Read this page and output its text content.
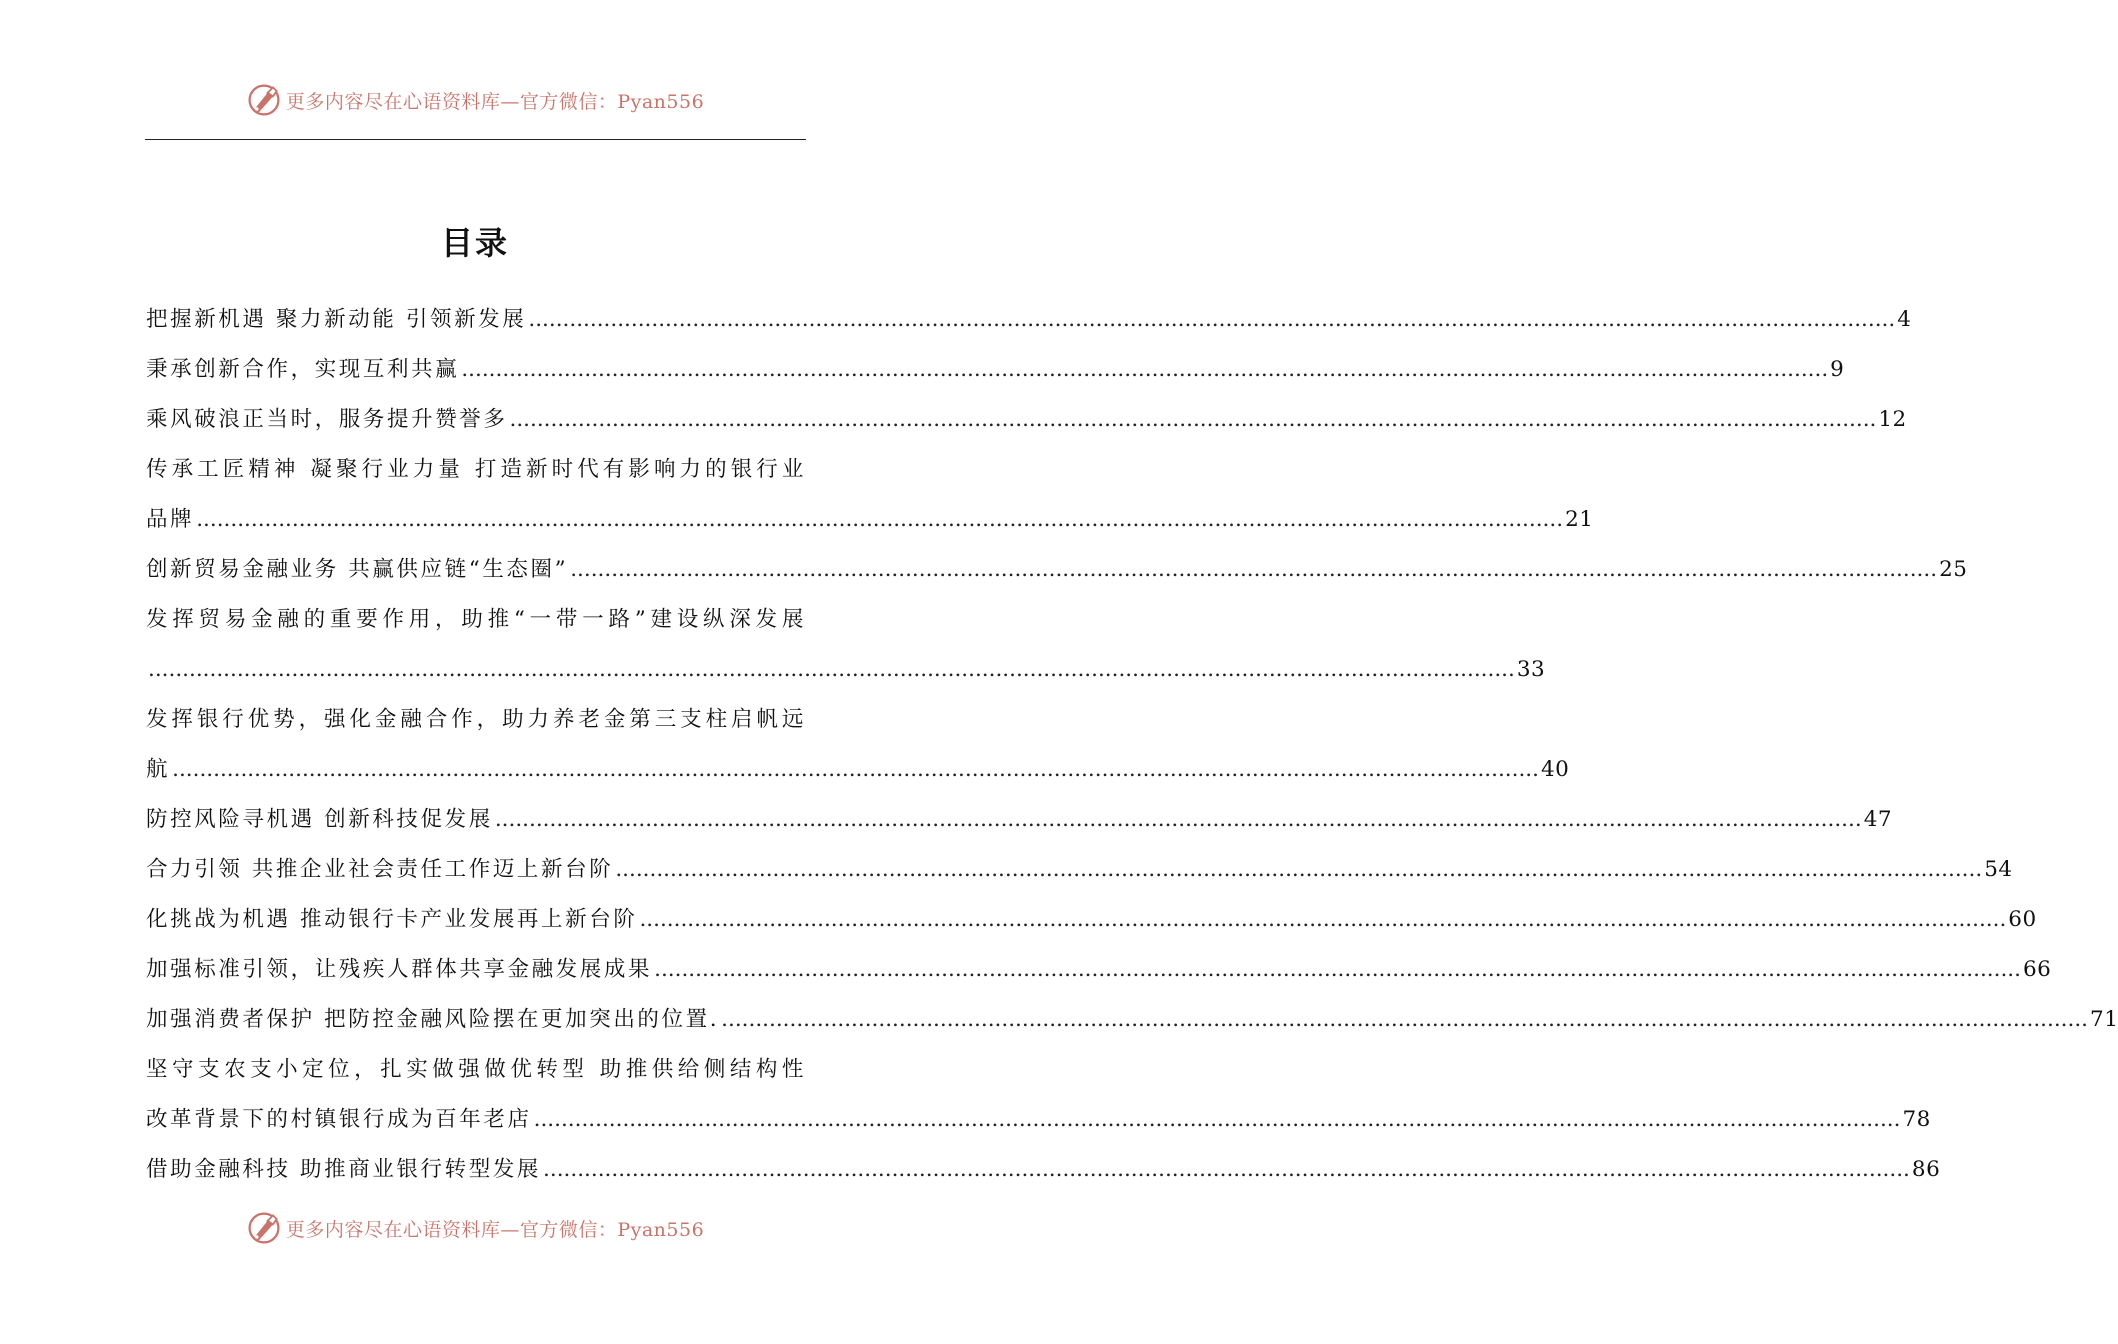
更多内容尽在心语资料库—官方微信：Pyan556
目录
把握新机遇 聚力新动能 引领新发展 ........................................................................................................................................................................................................ 4
秉承创新合作，实现互利共赢 ........................................................................................................................................................................................................ 9
乘风破浪正当时，服务提升赞誉多 ........................................................................................................................................................................................................ 12
传承工匠精神 凝聚行业力量 打造新时代有影响力的银行业
品牌 ........................................................................................................................................................................................................ 21
创新贸易金融业务 共赢供应链“生态圈” ........................................................................................................................................................................................................ 25
发挥贸易金融的重要作用，助推“一带一路”建设纵深发展
........................................................................................................................................................................................................ 33
发挥银行优势，强化金融合作，助力养老金第三支柱启帆远
航 ........................................................................................................................................................................................................ 40
防控风险寻机遇 创新科技促发展 ........................................................................................................................................................................................................ 47
合力引领 共推企业社会责任工作迈上新台阶 ........................................................................................................................................................................................................ 54
化挑战为机遇 推动银行卡产业发展再上新台阶 ........................................................................................................................................................................................................ 60
加强标准引领，让残疾人群体共享金融发展成果 ........................................................................................................................................................................................................ 66
加强消费者保护 把防控金融风险摆在更加突出的位置. ........................................................................................................................................................................................................ 71
坚守支农支小定位，扎实做强做优转型 助推供给侧结构性
改革背景下的村镇银行成为百年老店 ........................................................................................................................................................................................................ 78
借助金融科技 助推商业银行转型发展 ........................................................................................................................................................................................................ 86
更多内容尽在心语资料库—官方微信：Pyan556
